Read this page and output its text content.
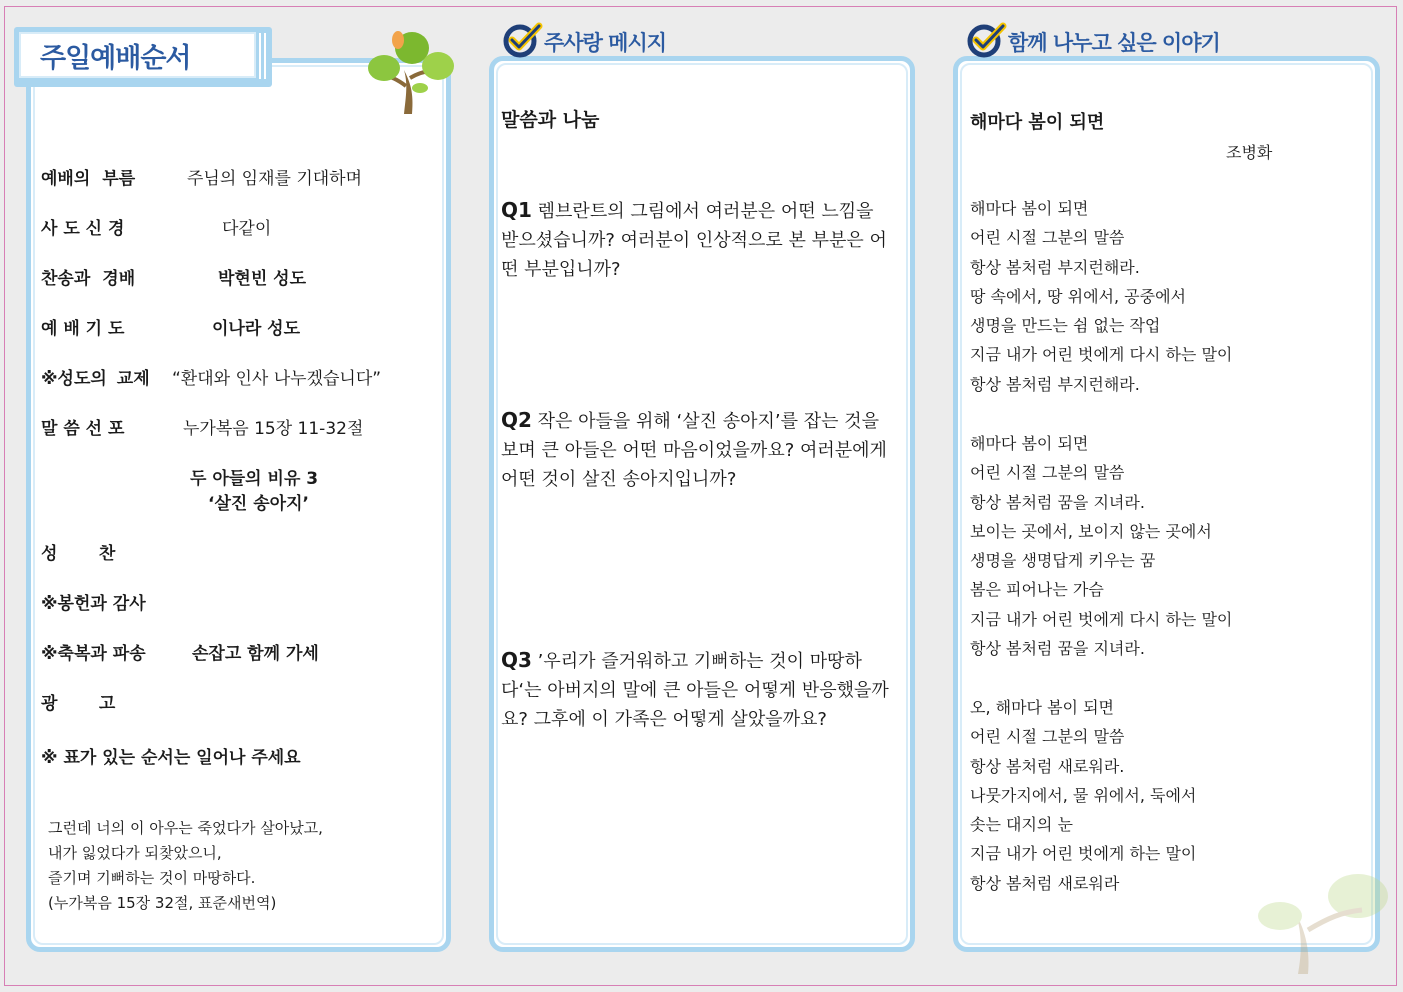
주일예배순서	주사랑 메시지	함께 나누고 싶은 이야기
예배의 부름	주님의 임재를 기대하며
사 도 신 경	다같이
찬송과 경배	박현빈 성도
예 배 기 도	이나라 성도
※성도의 교제 “환대와 인사 나누겠습니다”
말 씀 선 포	누가복음 15장 11-32절
두 아들의 비유 3
‘살진 송아지’
성       찬
※봉헌과 감사
※축복과 파송	손잡고 함께 가세
광       고
※ 표가 있는 순서는 일어나 주세요
그런데 너의 이 아우는 죽었다가 살아났고,
내가 잃었다가 되찾았으니,
즐기며 기뻐하는 것이 마땅하다.
(누가복음 15장 32절, 표준새번역)
말씀과 나눔
Q1 렘브란트의 그림에서 여러분은 어떤 느낌을 받으셨습니까? 여러분이 인상적으로 본 부분은 어떤 부분입니까?
Q2 작은 아들을 위해 ‘살진 송아지’를 잡는 것을 보며 큰 아들은 어떤 마음이었을까요? 여러분에게 어떤 것이 살진 송아지입니까?
Q3 ’우리가 즐거워하고 기뻐하는 것이 마땅하다‘는 아버지의 말에 큰 아들은 어떻게 반응했을까요? 그후에 이 가족은 어떻게 살았을까요?
해마다 봄이 되면
조병화
해마다 봄이 되면
어린 시절 그분의 말씀
항상 봄처럼 부지런해라.
땅 속에서, 땅 위에서, 공중에서
생명을 만드는 쉼 없는 작업
지금 내가 어린 벗에게 다시 하는 말이
항상 봄처럼 부지런해라.
해마다 봄이 되면
어린 시절 그분의 말씀
항상 봄처럼 꿈을 지녀라.
보이는 곳에서, 보이지 않는 곳에서
생명을 생명답게 키우는 꿈
봄은 피어나는 가슴
지금 내가 어린 벗에게 다시 하는 말이
항상 봄처럼 꿈을 지녀라.
오, 해마다 봄이 되면
어린 시절 그분의 말씀
항상 봄처럼 새로워라.
나뭇가지에서, 물 위에서, 둑에서
솟는 대지의 눈
지금 내가 어린 벗에게 하는 말이
항상 봄처럼 새로워라
